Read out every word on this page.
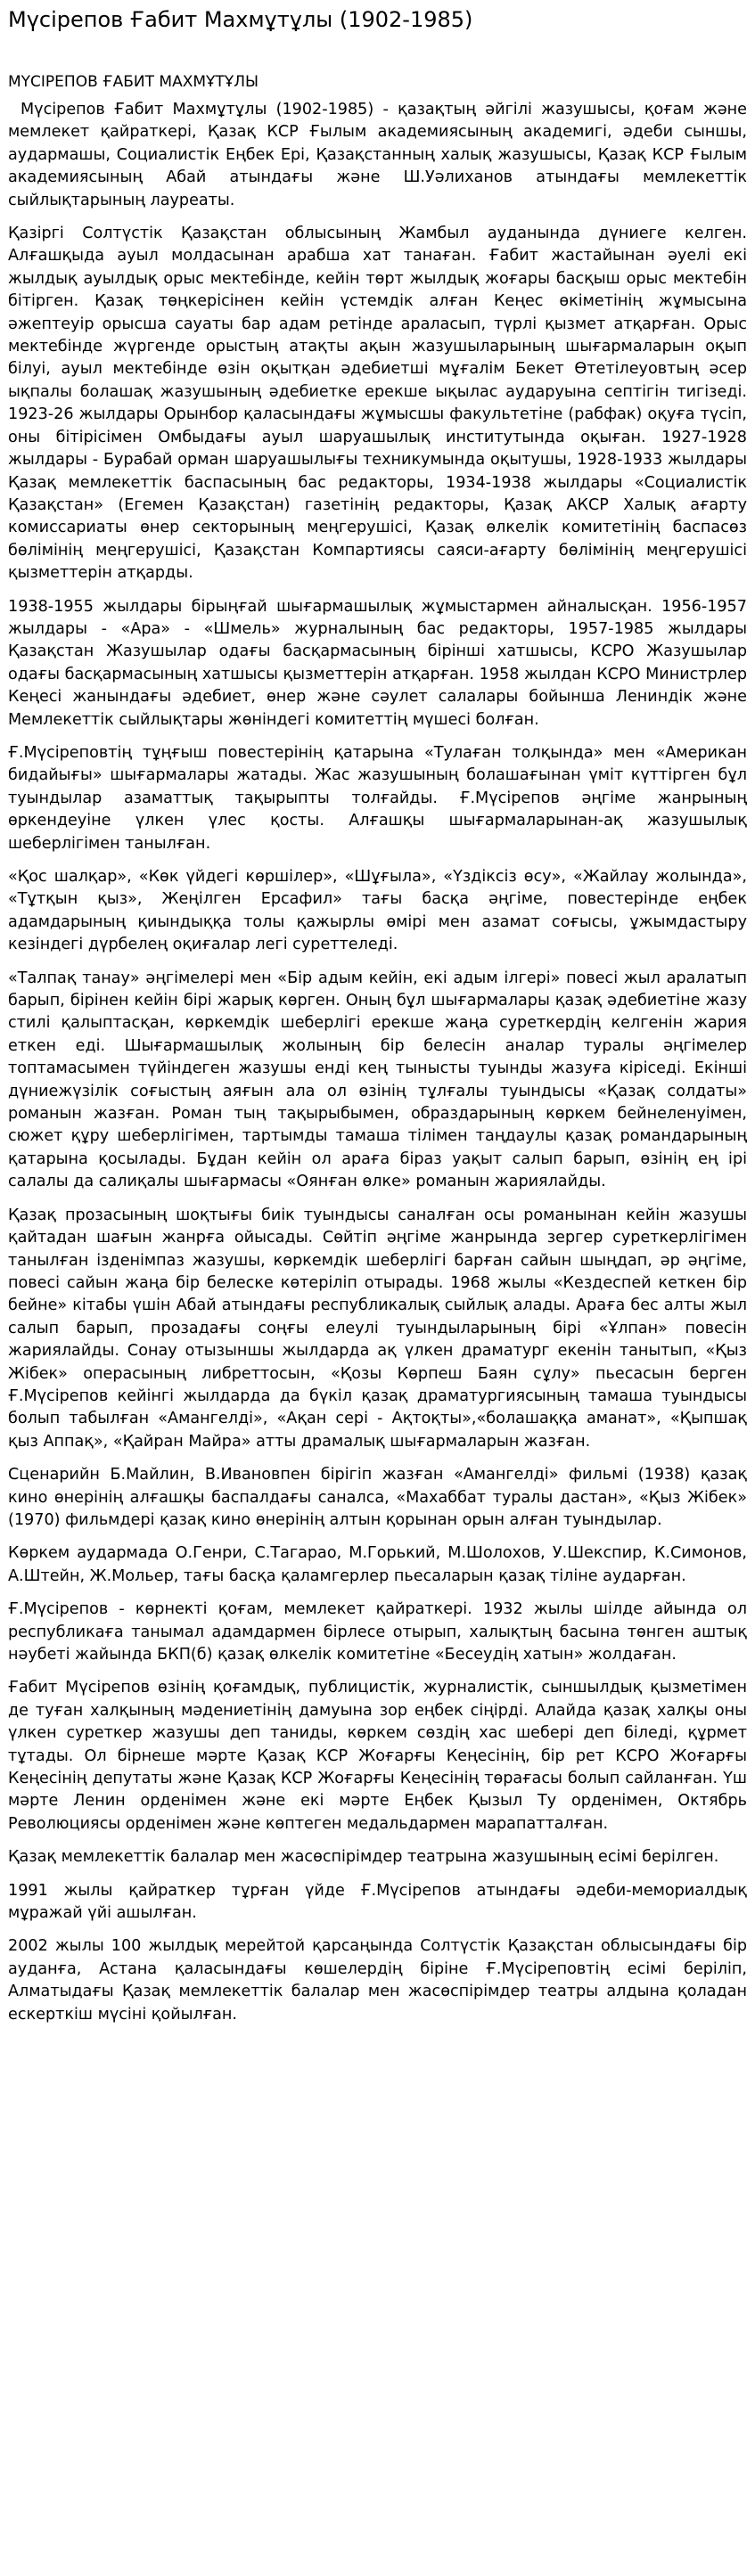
Мүсірепов Ғабит Махмұтұлы (1902-1985)
МҮСІРЕПОВ ҒАБИТ МАХМҰТҰЛЫ

Мүсірепов Ғабит Махмұтұлы (1902-1985) - қазақтың әйгілі жазушысы, қоғам және мемлекет қайраткері, Қазақ КСР Ғылым академиясының академигі, әдеби сыншы, аудармашы, Социалистік Еңбек Ері, Қазақстанның халық жазушысы, Қазақ КСР Ғылым академиясының Абай атындағы және Ш.Уәлиханов атындағы мемлекеттік сыйлықтарының лауреаты.

Қазіргі Солтүстік Қазақстан облысының Жамбыл ауданында дүниеге келген. Алғашқыда ауыл молдасынан арабша хат танаған. Ғабит жастайынан әуелі екі жылдық ауылдық орыс мектебінде, кейін төрт жылдық жоғары басқыш орыс мектебін бітірген. Қазақ төңкерісінен кейін үстемдік алған Кеңес өкіметінің жұмысына әжептеуір орысша сауаты бар адам ретінде араласып, түрлі қызмет атқарған. Орыс мектебінде жүргенде орыстың атақты ақын жазушыларының шығармаларын оқып білуі, ауыл мектебінде өзін оқытқан әдебиетші мұғалім Бекет Өтетілеуовтың әсер ықпалы болашақ жазушының әдебиетке ерекше ықылас аударуына септігін тигізеді. 1923-26 жылдары Орынбор қаласындағы жұмысшы факультетіне (рабфак) оқуға түсіп, оны бітірісімен Омбыдағы ауыл шаруашылық институтында оқыған. 1927-1928 жылдары - Бурабай орман шаруашылығы техникумында оқытушы, 1928-1933 жылдары Қазақ мемлекеттік баспасының бас редакторы, 1934-1938 жылдары «Социалистік Қазақстан» (Егемен Қазақстан) газетінің редакторы, Қазақ АКСР Халық ағарту комиссариаты өнер секторының меңгерушісі, Қазақ өлкелік комитетінің баспасөз бөлімінің меңгерушісі, Қазақстан Компартиясы саяси-ағарту бөлімінің меңгерушісі қызметтерін атқарды.

1938-1955 жылдары бірыңғай шығармашылық жұмыстармен айналысқан. 1956-1957 жылдары - «Ара» - «Шмель» журналының бас редакторы, 1957-1985 жылдары Қазақстан Жазушылар одағы басқармасының бірінші хатшысы, КСРО Жазушылар одағы басқармасының хатшысы қызметтерін атқарған. 1958 жылдан КСРО Министрлер Кеңесі жанындағы әдебиет, өнер және сәулет салалары бойынша Лениндік және Мемлекеттік сыйлықтары жөніндегі комитеттің мүшесі болған.

Ғ.Мүсіреповтің тұңғыш повестерінің қатарына «Тулаған толқында» мен «Американ бидайығы» шығармалары жатады. Жас жазушының болашағынан үміт күттірген бұл туындылар азаматтық тақырыпты толғайды. Ғ.Мүсірепов әңгіме жанрының өркендеуіне үлкен үлес қосты. Алғашқы шығармаларынан-ақ жазушылық шеберлігімен танылған.

«Қос шалқар», «Көк үйдегі көршілер», «Шұғыла», «Үздіксіз өсу», «Жайлау жолында», «Тұтқын қыз», Жеңілген Ерсафил» тағы басқа әңгіме, повестерінде еңбек адамдарының қиындыққа толы қажырлы өмірі мен азамат соғысы, ұжымдастыру кезіндегі дүрбелең оқиғалар легі суреттеледі.

«Талпақ танау» әңгімелері мен «Бір адым кейін, екі адым ілгері» повесі жыл аралатып барып, бірінен кейін бірі жарық көрген. Оның бұл шығармалары қазақ әдебиетіне жазу стилі қалыптасқан, көркемдік шеберлігі ерекше жаңа суреткердің келгенін жария еткен еді. Шығармашылық жолының бір белесін аналар туралы әңгімелер топтамасымен түйіндеген жазушы енді кең тынысты туынды жазуға кіріседі. Екінші дүниежүзілік соғыстың аяғын ала ол өзінің тұлғалы туындысы «Қазақ солдаты» романын жазған. Роман тың тақырыбымен, образдарының көркем бейнеленуімен, сюжет құру шеберлігімен, тартымды тамаша тілімен таңдаулы қазақ романдарының қатарына қосылады. Бұдан кейін ол араға біраз уақыт салып барып, өзінің ең ірі салалы да салиқалы шығармасы «Оянған өлке» романын жариялайды.

Қазақ прозасының шоқтығы биік туындысы саналған осы романынан кейін жазушы қайтадан шағын жанрға ойысады. Сөйтіп әңгіме жанрында зергер суреткерлігімен танылған ізденімпаз жазушы, көркемдік шеберлігі барған сайын шыңдап, әр әңгіме, повесі сайын жаңа бір белеске көтеріліп отырады. 1968 жылы «Кездеспей кеткен бір бейне» кітабы үшін Абай атындағы республикалық сыйлық алады. Араға бес алты жыл салып барып, прозадағы соңғы елеулі туындыларының бірі «Ұлпан» повесін жариялайды. Сонау отызыншы жылдарда ақ үлкен драматург екенін танытып, «Қыз Жібек» операсының либреттосын, «Қозы Көрпеш Баян сұлу» пьесасын берген Ғ.Мүсірепов кейінгі жылдарда да бүкіл қазақ драматургиясының тамаша туындысы болып табылған «Амангелді», «Ақан сері - Ақтоқты»,«болашаққа аманат», «Қыпшақ қыз Аппақ», «Қайран Майра» атты драмалық шығармаларын жазған.

Сценарийн Б.Майлин, В.Ивановпен бірігіп жазған «Амангелді» фильмі (1938) қазақ кино өнерінің алғашқы баспалдағы саналса, «Махаббат туралы дастан», «Қыз Жібек» (1970) фильмдері қазақ кино өнерінің алтын қорынан орын алған туындылар.

Көркем аудармада О.Генри, С.Тагарао, М.Горький, М.Шолохов, У.Шекспир, К.Симонов, А.Штейн, Ж.Мольер, тағы басқа қаламгерлер пьесаларын қазақ тіліне аударған.

Ғ.Мүсірепов - көрнекті қоғам, мемлекет қайраткері. 1932 жылы шілде айында ол республикаға танымал адамдармен бірлесе отырып, халықтың басына төнген аштық нәубеті жайында БКП(б) қазақ өлкелік комитетіне «Бесеудің хатын» жолдаған.

Ғабит Мүсірепов өзінің қоғамдық, публицистік, журналистік, сыншылдық қызметімен де туған халқының мәдениетінің дамуына зор еңбек сіңірді. Алайда қазақ халқы оны үлкен суреткер жазушы деп таниды, көркем сөздің хас шебері деп біледі, құрмет тұтады. Ол бірнеше мәрте Қазақ КСР Жоғарғы Кеңесінің, бір рет КСРО Жоғарғы Кеңесінің депутаты және Қазақ КСР Жоғарғы Кеңесінің төрағасы болып сайланған. Үш мәрте Ленин орденімен және екі мәрте Еңбек Қызыл Ту орденімен, Октябрь Революциясы орденімен және көптеген медальдармен марапатталған.

Қазақ мемлекеттік балалар мен жасөспірімдер театрына жазушының есімі берілген.

1991 жылы қайраткер тұрған үйде Ғ.Мүсірепов атындағы әдеби-мемориалдық мұражай үйі ашылған.

2002 жылы 100 жылдық мерейтой қарсаңында Солтүстік Қазақстан облысындағы бір ауданға, Астана қаласындағы көшелердің біріне Ғ.Мүсіреповтің есімі беріліп, Алматыдағы Қазақ мемлекеттік балалар мен жасөспірімдер театры алдына қоладан ескерткіш мүсіні қойылған.
